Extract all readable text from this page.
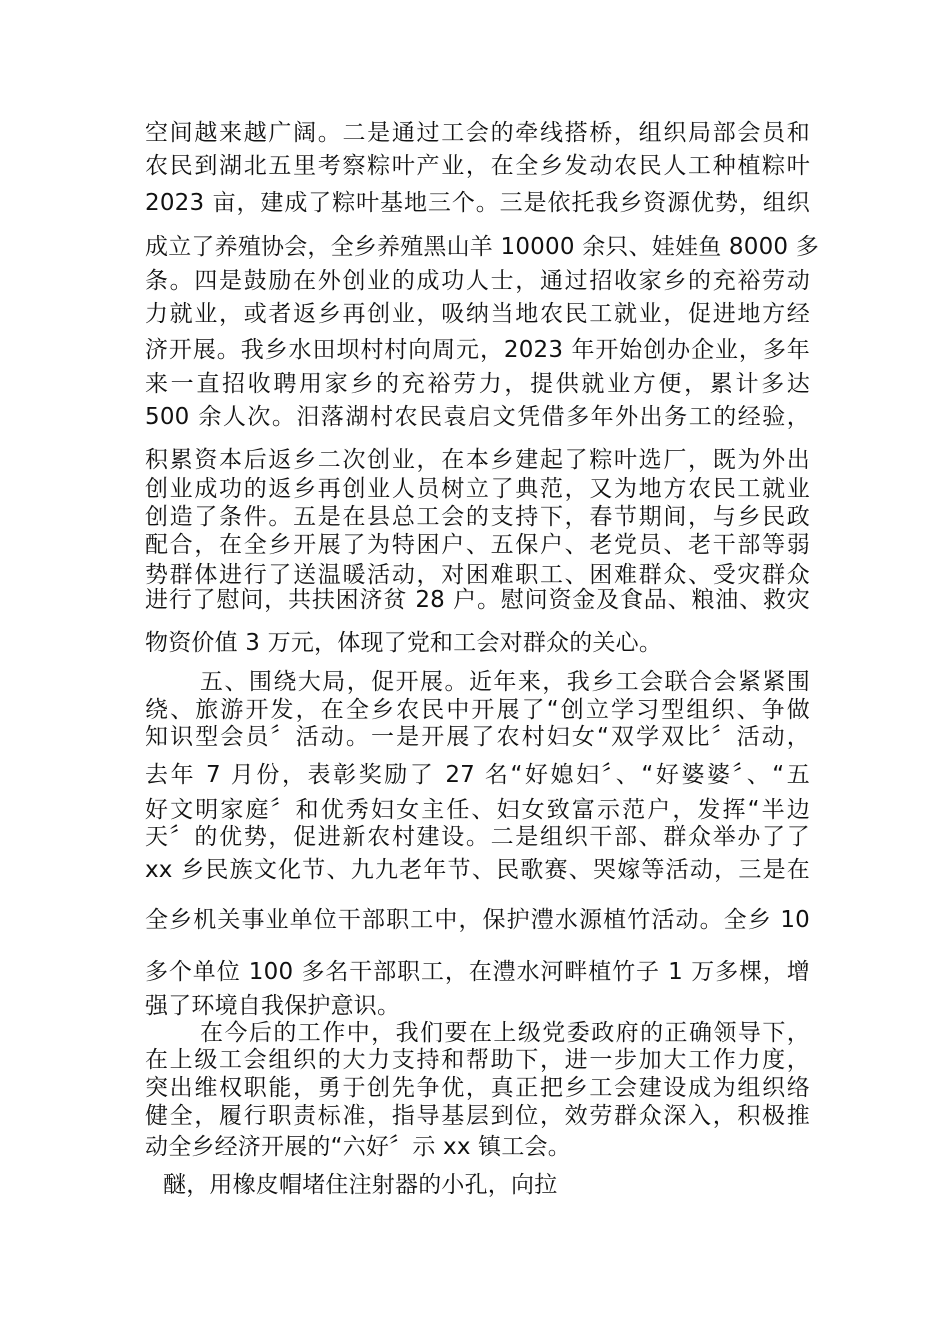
空间越来越广阔。二是通过工会的牵线搭桥，组织局部会员和
农民到湖北五里考察粽叶产业，在全乡发动农民人工种植粽叶
2023 亩，建成了粽叶基地三个。三是依托我乡资源优势，组织
成立了养殖协会，全乡养殖黑山羊 10000 余只、娃娃鱼 8000 多
条。四是鼓励在外创业的成功人士，通过招收家乡的充裕劳动
力就业，或者返乡再创业，吸纳当地农民工就业，促进地方经
济开展。我乡水田坝村村向周元，2023 年开始创办企业，多年
来一直招收聘用家乡的充裕劳力，提供就业方便，累计多达
500 余人次。汨落湖村农民袁启文凭借多年外出务工的经验，
积累资本后返乡二次创业，在本乡建起了粽叶选厂，既为外出
创业成功的返乡再创业人员树立了典范，又为地方农民工就业
创造了条件。五是在县总工会的支持下，春节期间，与乡民政
配合，在全乡开展了为特困户、五保户、老党员、老干部等弱
势群体进行了送温暖活动，对困难职工、困难群众、受灾群众
进行了慰问，共扶困济贫 28 户。慰问资金及食品、粮油、救灾
物资价值 3 万元，体现了党和工会对群众的关心。
五、围绕大局，促开展。近年来，我乡工会联合会紧紧围
绕、旅游开发，在全乡农民中开展了“创立学习型组织、争做
知识型会员〞活动。一是开展了农村妇女“双学双比〞活动，
去年 7 月份，表彰奖励了 27 名“好媳妇〞、“好婆婆〞、“五
好文明家庭〞和优秀妇女主任、妇女致富示范户，发挥“半边
天〞的优势，促进新农村建设。二是组织干部、群众举办了了
xx 乡民族文化节、九九老年节、民歌赛、哭嫁等活动，三是在
全乡机关事业单位干部职工中，保护澧水源植竹活动。全乡 10
多个单位 100 多名干部职工，在澧水河畔植竹子 1 万多棵，增
强了环境自我保护意识。
在今后的工作中，我们要在上级党委政府的正确领导下，
在上级工会组织的大力支持和帮助下，进一步加大工作力度，
突出维权职能，勇于创先争优，真正把乡工会建设成为组织络
健全，履行职责标准，指导基层到位，效劳群众深入，积极推
动全乡经济开展的“六好〞示 xx 镇工会。
醚，用橡皮帽堵住注射器的小孔，向拉
